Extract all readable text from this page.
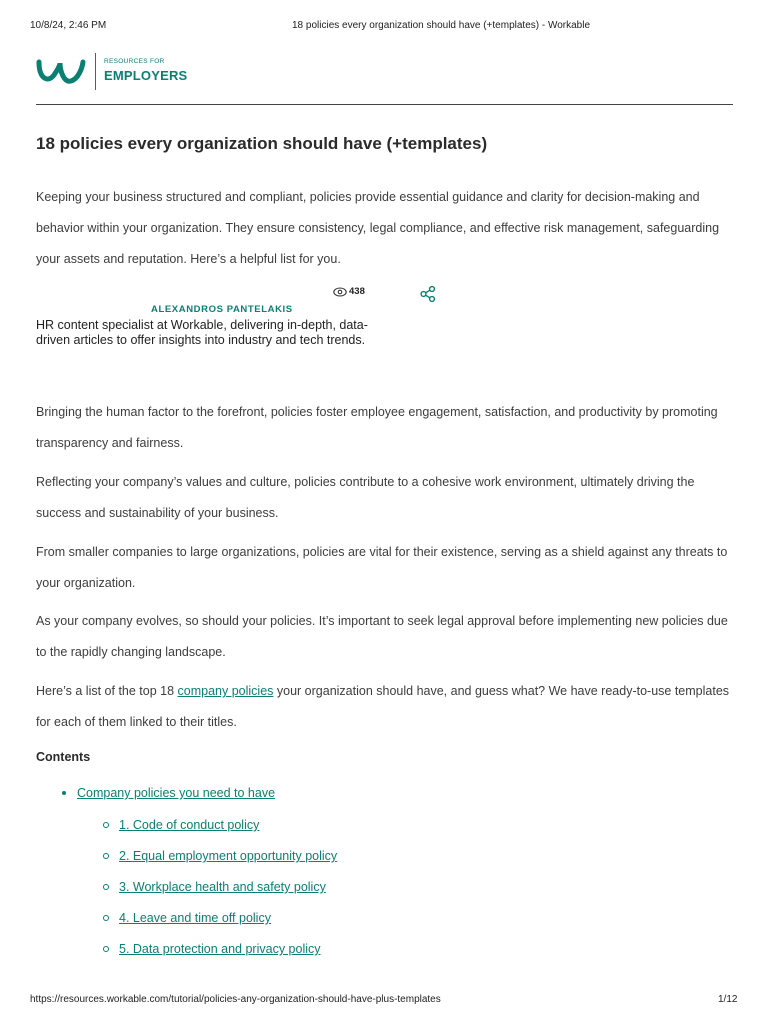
10/8/24, 2:46 PM	18 policies every organization should have (+templates) - Workable
RESOURCES FOR
EMPLOYERS
18 policies every organization should have (+templates)

Keeping your business structured and compliant, policies provide essential guidance and clarity for decision-making and behavior within your organization. They ensure consistency, legal compliance, and effective risk management, safeguarding your assets and reputation. Here’s a helpful list for you.

438
ALEXANDROS PANTELAKIS
HR content specialist at Workable, delivering in-depth, data-driven articles to offer insights into industry and tech trends.

Bringing the human factor to the forefront, policies foster employee engagement, satisfaction, and productivity by promoting transparency and fairness.

Reflecting your company’s values and culture, policies contribute to a cohesive work environment, ultimately driving the success and sustainability of your business.

From smaller companies to large organizations, policies are vital for their existence, serving as a shield against any threats to your organization.

As your company evolves, so should your policies. It’s important to seek legal approval before implementing new policies due to the rapidly changing landscape.

Here’s a list of the top 18 company policies your organization should have, and guess what? We have ready-to-use templates for each of them linked to their titles.

Contents
Company policies you need to have
1. Code of conduct policy
2. Equal employment opportunity policy
3. Workplace health and safety policy
4. Leave and time off policy
5. Data protection and privacy policy
https://resources.workable.com/tutorial/policies-any-organization-should-have-plus-templates	1/12
